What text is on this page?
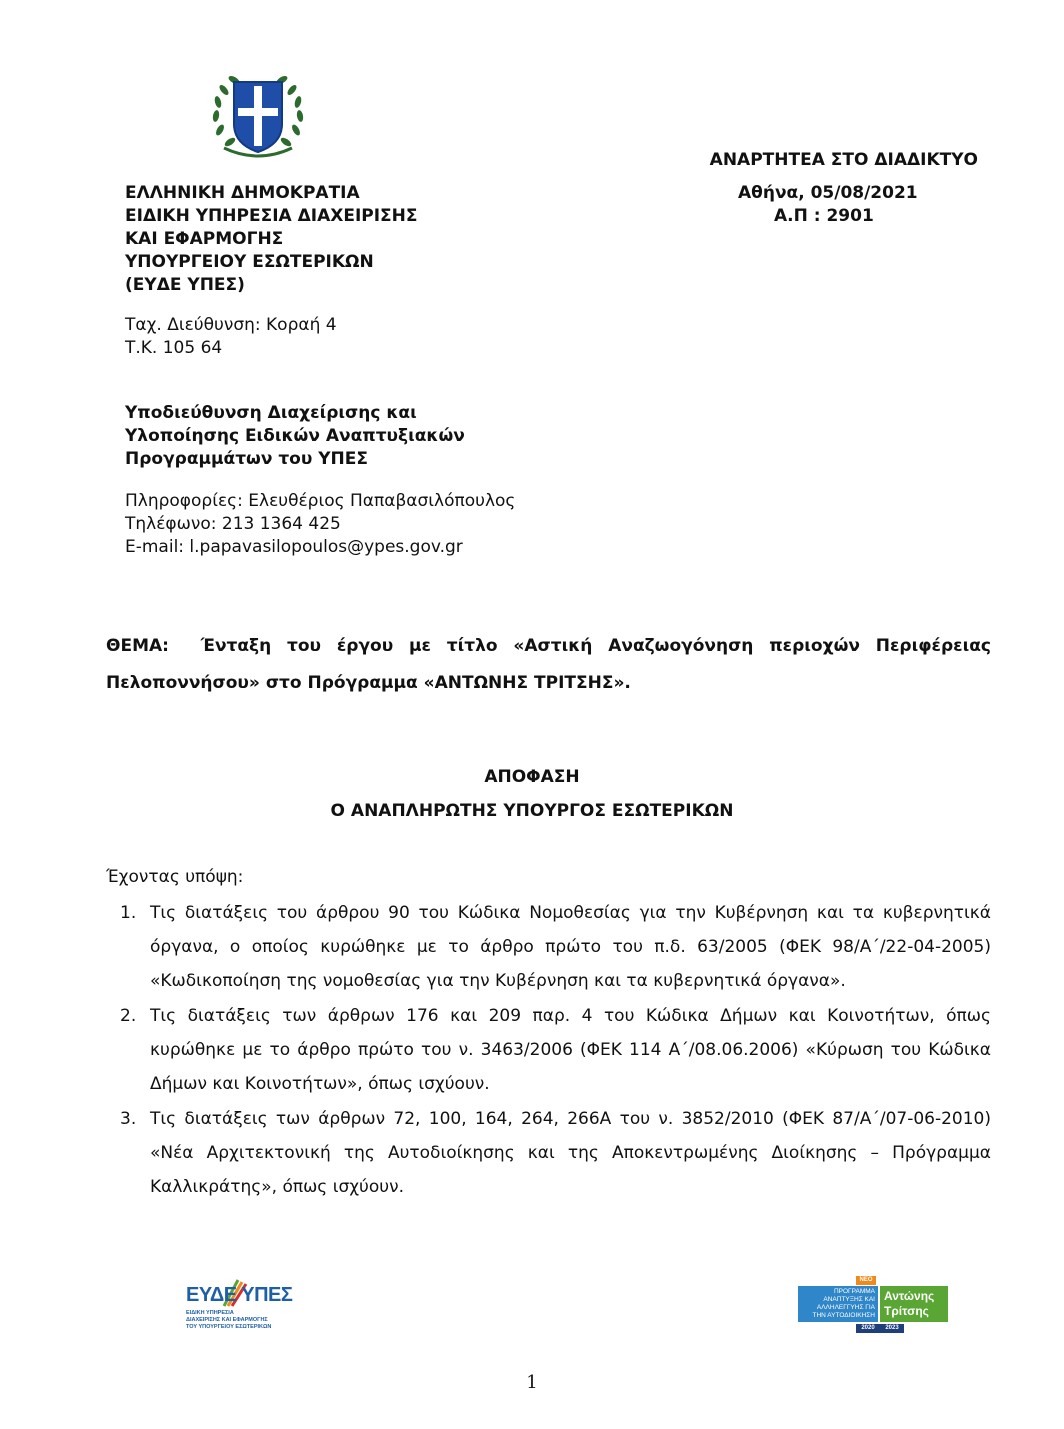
ΑΝΑΡΤΗΤΕΑ ΣΤΟ ΔΙΑΔΙΚΤΥΟ
Αθήνα, 05/08/2021
Α.Π : 2901
ΕΛΛΗΝΙΚΗ ΔΗΜΟΚΡΑΤΙΑ
ΕΙΔΙΚΗ ΥΠΗΡΕΣΙΑ ΔΙΑΧΕΙΡΙΣΗΣ
ΚΑΙ ΕΦΑΡΜΟΓΗΣ
ΥΠΟΥΡΓΕΙΟΥ ΕΣΩΤΕΡΙΚΩΝ
(ΕΥΔΕ ΥΠΕΣ)
Ταχ. Διεύθυνση: Κοραή 4
Τ.Κ. 105 64
Υποδιεύθυνση Διαχείρισης και
Υλοποίησης Ειδικών Αναπτυξιακών
Προγραμμάτων του ΥΠΕΣ
Πληροφορίες: Ελευθέριος Παπαβασιλόπουλος
Τηλέφωνο: 213 1364 425
E-mail: l.papavasilopoulos@ypes.gov.gr
ΘΕΜΑ: Ένταξη του έργου με τίτλο «Αστική Αναζωογόνηση περιοχών Περιφέρειας Πελοποννήσου» στο Πρόγραμμα «ΑΝΤΩΝΗΣ ΤΡΙΤΣΗΣ».
ΑΠΟΦΑΣΗ
Ο ΑΝΑΠΛΗΡΩΤΗΣ ΥΠΟΥΡΓΟΣ ΕΣΩΤΕΡΙΚΩΝ
Έχοντας υπόψη:
1. Τις διατάξεις του άρθρου 90 του Κώδικα Νομοθεσίας για την Κυβέρνηση και τα κυβερνητικά όργανα, ο οποίος κυρώθηκε με το άρθρο πρώτο του π.δ. 63/2005 (ΦΕΚ 98/Α΄/22-04-2005) «Κωδικοποίηση της νομοθεσίας για την Κυβέρνηση και τα κυβερνητικά όργανα».
2. Τις διατάξεις των άρθρων 176 και 209 παρ. 4 του Κώδικα Δήμων και Κοινοτήτων, όπως κυρώθηκε με το άρθρο πρώτο του ν. 3463/2006 (ΦΕΚ 114 Α΄/08.06.2006) «Κύρωση του Κώδικα Δήμων και Κοινοτήτων», όπως ισχύουν.
3. Τις διατάξεις των άρθρων 72, 100, 164, 264, 266Α του ν. 3852/2010 (ΦΕΚ 87/Α΄/07-06-2010) «Νέα Αρχιτεκτονική της Αυτοδιοίκησης και της Αποκεντρωμένης Διοίκησης – Πρόγραμμα Καλλικράτης», όπως ισχύουν.
ΕΥΔΕ ΥΠΕΣ
ΕΙΔΙΚΗ ΥΠΗΡΕΣΙΑ
ΔΙΑΧΕΙΡΙΣΗΣ ΚΑΙ ΕΦΑΡΜΟΓΗΣ
ΤΟΥ ΥΠΟΥΡΓΕΙΟΥ ΕΣΩΤΕΡΙΚΩΝ
ΝΕΟ
ΠΡΟΓΡΑΜΜΑ
ΑΝΑΠΤΥΞΗΣ ΚΑΙ
ΑΛΛΗΛΕΓΓΥΗΣ ΓΙΑ
ΤΗΝ ΑΥΤΟΔΙΟΙΚΗΣΗ
Αντώνης
Τρίτσης
2020 2023
1
